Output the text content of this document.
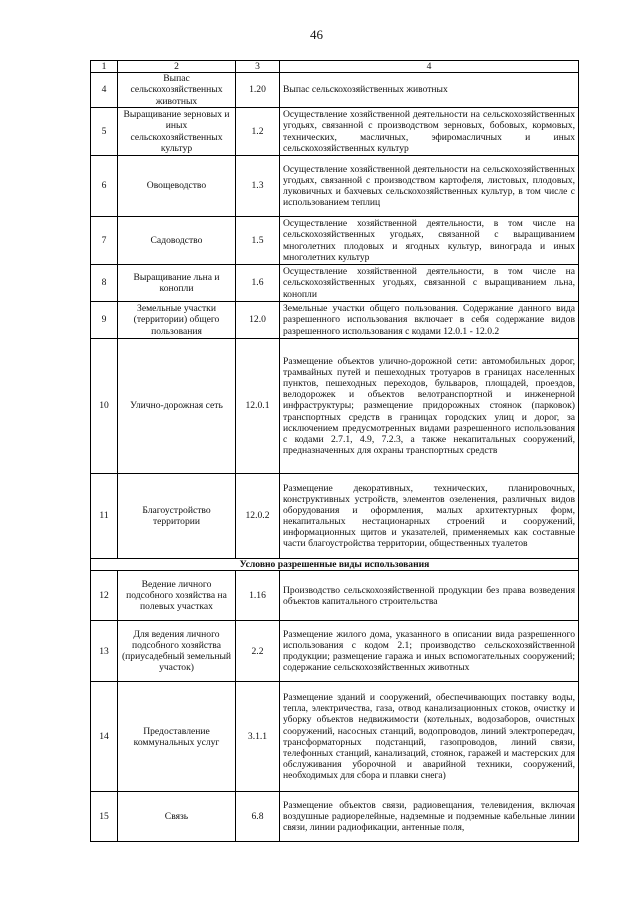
46
1	2	3	4
4	Выпас сельскохозяйственных животных	1.20	Выпас сельскохозяйственных животных
5	Выращивание зерновых и иных сельскохозяйственных культур	1.2	Осуществление хозяйственной деятельности на сельскохозяйственных угодьях, связанной с производством зерновых, бобовых, кормовых, технических, масличных, эфиромасличных и иных сельскохозяйственных культур
6	Овощеводство	1.3	Осуществление хозяйственной деятельности на сельскохозяйственных угодьях, связанной с производством картофеля, листовых, плодовых, луковичных и бахчевых сельскохозяйственных культур, в том числе с использованием теплиц
7	Садоводство	1.5	Осуществление хозяйственной деятельности, в том числе на сельскохозяйственных угодьях, связанной с выращиванием многолетних плодовых и ягодных культур, винограда и иных многолетних культур
8	Выращивание льна и конопли	1.6	Осуществление хозяйственной деятельности, в том числе на сельскохозяйственных угодьях, связанной с выращиванием льна, конопли
9	Земельные участки (территории) общего пользования	12.0	Земельные участки общего пользования. Содержание данного вида разрешенного использования включает в себя содержание видов разрешенного использования с кодами 12.0.1 - 12.0.2
10	Улично-дорожная сеть	12.0.1	Размещение объектов улично-дорожной сети: автомобильных дорог, трамвайных путей и пешеходных тротуаров в границах населенных пунктов, пешеходных переходов, бульваров, площадей, проездов, велодорожек и объектов велотранспортной и инженерной инфраструктуры; размещение придорожных стоянок (парковок) транспортных средств в границах городских улиц и дорог, за исключением предусмотренных видами разрешенного использования с кодами 2.7.1, 4.9, 7.2.3, а также некапитальных сооружений, предназначенных для охраны транспортных средств
11	Благоустройство территории	12.0.2	Размещение декоративных, технических, планировочных, конструктивных устройств, элементов озеленения, различных видов оборудования и оформления, малых архитектурных форм, некапитальных нестационарных строений и сооружений, информационных щитов и указателей, применяемых как составные части благоустройства территории, общественных туалетов
Условно разрешенные виды использования			
12	Ведение личного подсобного хозяйства на полевых участках	1.16	Производство сельскохозяйственной продукции без права возведения объектов капитального строительства
13	Для ведения личного подсобного хозяйства (приусадебный земельный участок)	2.2	Размещение жилого дома, указанного в описании вида разрешенного использования с кодом 2.1; производство сельскохозяйственной продукции; размещение гаража и иных вспомогательных сооружений; содержание сельскохозяйственных животных
14	Предоставление коммунальных услуг	3.1.1	Размещение зданий и сооружений, обеспечивающих поставку воды, тепла, электричества, газа, отвод канализационных стоков, очистку и уборку объектов недвижимости (котельных, водозаборов, очистных сооружений, насосных станций, водопроводов, линий электропередач, трансформаторных подстанций, газопроводов, линий связи, телефонных станций, канализаций, стоянок, гаражей и мастерских для обслуживания уборочной и аварийной техники, сооружений, необходимых для сбора и плавки снега)
15	Связь	6.8	Размещение объектов связи, радиовещания, телевидения, включая воздушные радиорелейные, надземные и подземные кабельные линии связи, линии радиофикации, антенные поля,
